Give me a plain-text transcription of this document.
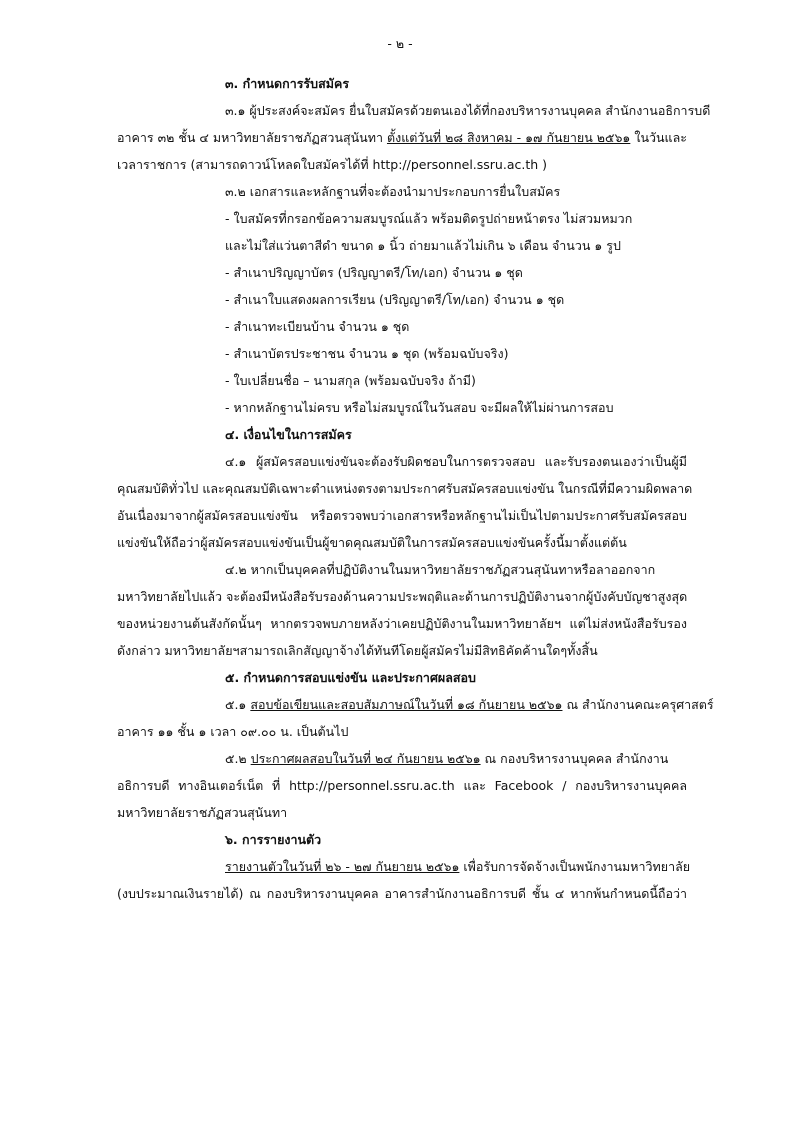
- ๒ -
๓. กำหนดการรับสมัคร
๓.๑ ผู้ประสงค์จะสมัคร ยื่นใบสมัครด้วยตนเองได้ที่กองบริหารงานบุคคล สำนักงานอธิการบดี
อาคาร ๓๒ ชั้น ๔ มหาวิทยาลัยราชภัฏสวนสุนันทา ตั้งแต่วันที่ ๒๘ สิงหาคม - ๑๗ กันยายน ๒๕๖๑ ในวันและ
เวลาราชการ (สามารถดาวน์โหลดใบสมัครได้ที่ http://personnel.ssru.ac.th )
๓.๒ เอกสารและหลักฐานที่จะต้องนำมาประกอบการยื่นใบสมัคร
- ใบสมัครที่กรอกข้อความสมบูรณ์แล้ว พร้อมติดรูปถ่ายหน้าตรง ไม่สวมหมวก
และไม่ใส่แว่นตาสีดำ ขนาด ๑ นิ้ว ถ่ายมาแล้วไม่เกิน ๖ เดือน จำนวน ๑ รูป
- สำเนาปริญญาบัตร (ปริญญาตรี/โท/เอก) จำนวน ๑ ชุด
- สำเนาใบแสดงผลการเรียน (ปริญญาตรี/โท/เอก) จำนวน ๑ ชุด
- สำเนาทะเบียนบ้าน จำนวน ๑ ชุด
- สำเนาบัตรประชาชน จำนวน ๑ ชุด (พร้อมฉบับจริง)
- ใบเปลี่ยนชื่อ – นามสกุล (พร้อมฉบับจริง ถ้ามี)
- หากหลักฐานไม่ครบ หรือไม่สมบูรณ์ในวันสอบ จะมีผลให้ไม่ผ่านการสอบ
๔. เงื่อนไขในการสมัคร
๔.๑ ผู้สมัครสอบแข่งขันจะต้องรับผิดชอบในการตรวจสอบ และรับรองตนเองว่าเป็นผู้มี
คุณสมบัติทั่วไป และคุณสมบัติเฉพาะตำแหน่งตรงตามประกาศรับสมัครสอบแข่งขัน ในกรณีที่มีความผิดพลาด
อันเนื่องมาจากผู้สมัครสอบแข่งขัน หรือตรวจพบว่าเอกสารหรือหลักฐานไม่เป็นไปตามประกาศรับสมัครสอบ
แข่งขันให้ถือว่าผู้สมัครสอบแข่งขันเป็นผู้ขาดคุณสมบัติในการสมัครสอบแข่งขันครั้งนี้มาตั้งแต่ต้น
๔.๒ หากเป็นบุคคลที่ปฏิบัติงานในมหาวิทยาลัยราชภัฏสวนสุนันทาหรือลาออกจาก
มหาวิทยาลัยไปแล้ว จะต้องมีหนังสือรับรองด้านความประพฤติและด้านการปฏิบัติงานจากผู้บังคับบัญชาสูงสุด
ของหน่วยงานต้นสังกัดนั้นๆ หากตรวจพบภายหลังว่าเคยปฏิบัติงานในมหาวิทยาลัยฯ แต่ไม่ส่งหนังสือรับรอง
ดังกล่าว มหาวิทยาลัยฯสามารถเลิกสัญญาจ้างได้ทันทีโดยผู้สมัครไม่มีสิทธิคัดค้านใดๆทั้งสิ้น
๕. กำหนดการสอบแข่งขัน และประกาศผลสอบ
๕.๑ สอบข้อเขียนและสอบสัมภาษณ์ในวันที่ ๑๘ กันยายน ๒๕๖๑ ณ สำนักงานคณะครุศาสตร์
อาคาร ๑๑ ชั้น ๑ เวลา ๐๙.๐๐ น. เป็นต้นไป
๕.๒ ประกาศผลสอบในวันที่ ๒๔ กันยายน ๒๕๖๑ ณ กองบริหารงานบุคคล สำนักงาน
อธิการบดี ทางอินเตอร์เน็ต ที่ http://personnel.ssru.ac.th และ Facebook / กองบริหารงานบุคคล
มหาวิทยาลัยราชภัฏสวนสุนันทา
๖. การรายงานตัว
รายงานตัวในวันที่ ๒๖ - ๒๗ กันยายน ๒๕๖๑ เพื่อรับการจัดจ้างเป็นพนักงานมหาวิทยาลัย
(งบประมาณเงินรายได้) ณ กองบริหารงานบุคคล อาคารสำนักงานอธิการบดี ชั้น ๔ หากพ้นกำหนดนี้ถือว่า
